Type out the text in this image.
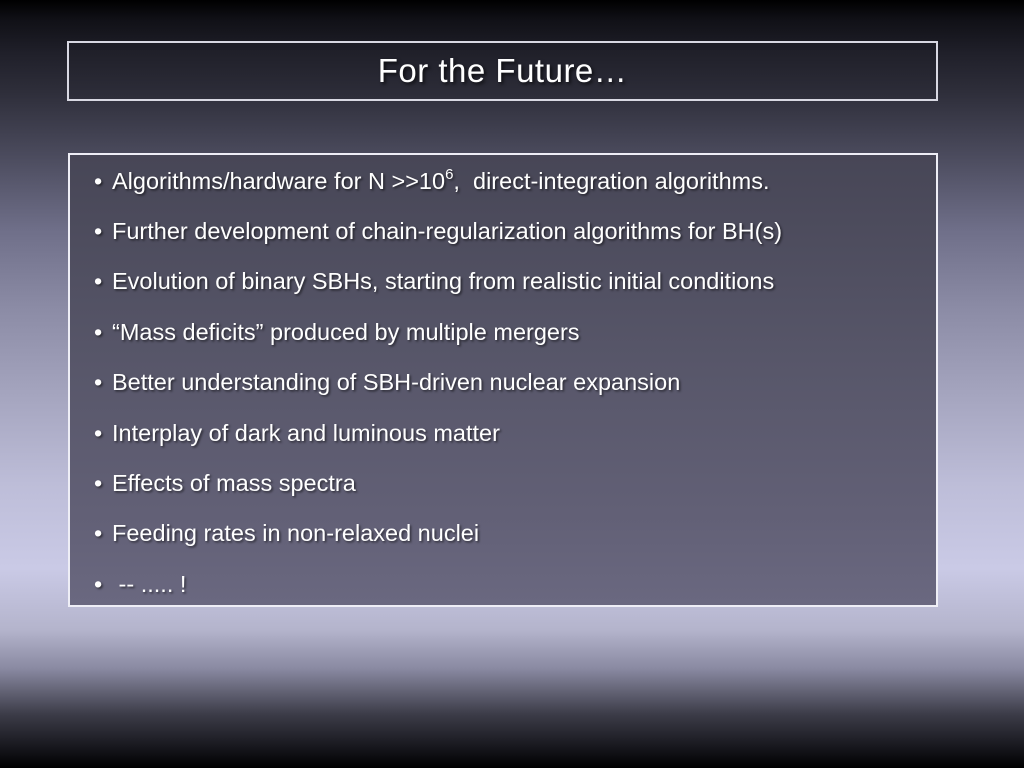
For the Future…
• Algorithms/hardware for N >>10 6 ,  direct-integration algorithms.
• Further development of chain-regularization algorithms for BH(s)
• Evolution of binary SBHs, starting from realistic initial conditions
• “Mass deficits” produced by multiple mergers
• Better understanding of SBH-driven nuclear expansion
• Interplay of dark and luminous matter
• Effects of mass spectra
• Feeding rates in non-relaxed nuclei
• -- ..... !
